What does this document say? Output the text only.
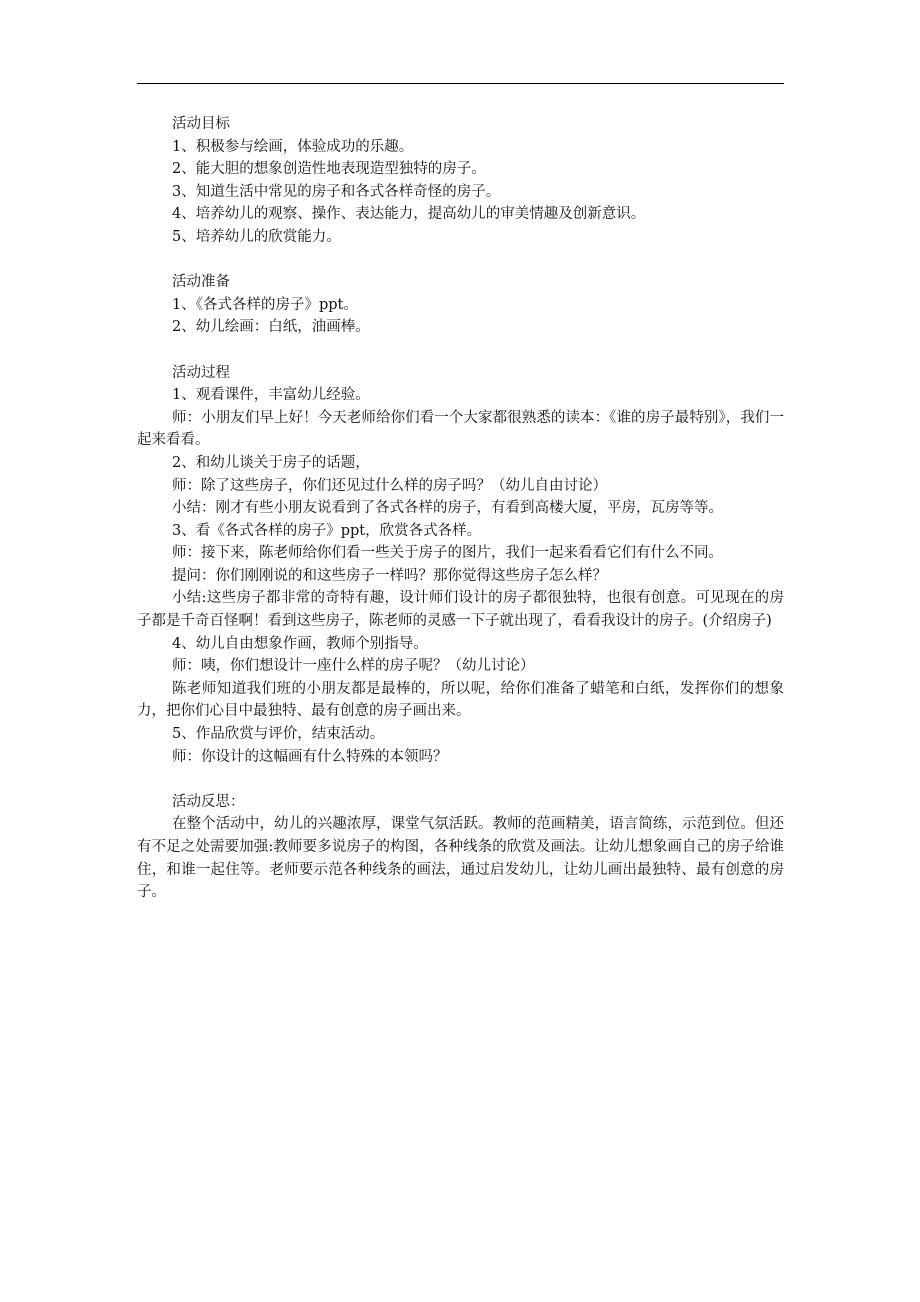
活动目标

1、积极参与绘画，体验成功的乐趣。

2、能大胆的想象创造性地表现造型独特的房子。

3、知道生活中常见的房子和各式各样奇怪的房子。

4、培养幼儿的观察、操作、表达能力，提高幼儿的审美情趣及创新意识。

5、培养幼儿的欣赏能力。

活动准备

1、《各式各样的房子》ppt。

2、幼儿绘画：白纸，油画棒。

活动过程

1、观看课件，丰富幼儿经验。

师：小朋友们早上好！今天老师给你们看一个大家都很熟悉的读本：《谁的房子最特别》，我们一起来看看。

2、和幼儿谈关于房子的话题，

师：除了这些房子，你们还见过什么样的房子吗？（幼儿自由讨论）

小结：刚才有些小朋友说看到了各式各样的房子，有看到高楼大厦，平房，瓦房等等。

3、看《各式各样的房子》ppt，欣赏各式各样。

师：接下来，陈老师给你们看一些关于房子的图片，我们一起来看看它们有什么不同。

提问：你们刚刚说的和这些房子一样吗？那你觉得这些房子怎么样？

小结:这些房子都非常的奇特有趣，设计师们设计的房子都很独特，也很有创意。可见现在的房子都是千奇百怪啊！看到这些房子，陈老师的灵感一下子就出现了，看看我设计的房子。(介绍房子)

4、幼儿自由想象作画，教师个别指导。

师：咦，你们想设计一座什么样的房子呢？（幼儿讨论）

陈老师知道我们班的小朋友都是最棒的，所以呢，给你们准备了蜡笔和白纸，发挥你们的想象力，把你们心目中最独特、最有创意的房子画出来。

5、作品欣赏与评价，结束活动。

师：你设计的这幅画有什么特殊的本领吗？

活动反思：

在整个活动中，幼儿的兴趣浓厚，课堂气氛活跃。教师的范画精美，语言简练，示范到位。但还有不足之处需要加强:教师要多说房子的构图，各种线条的欣赏及画法。让幼儿想象画自己的房子给谁住，和谁一起住等。老师要示范各种线条的画法，通过启发幼儿，让幼儿画出最独特、最有创意的房子。
